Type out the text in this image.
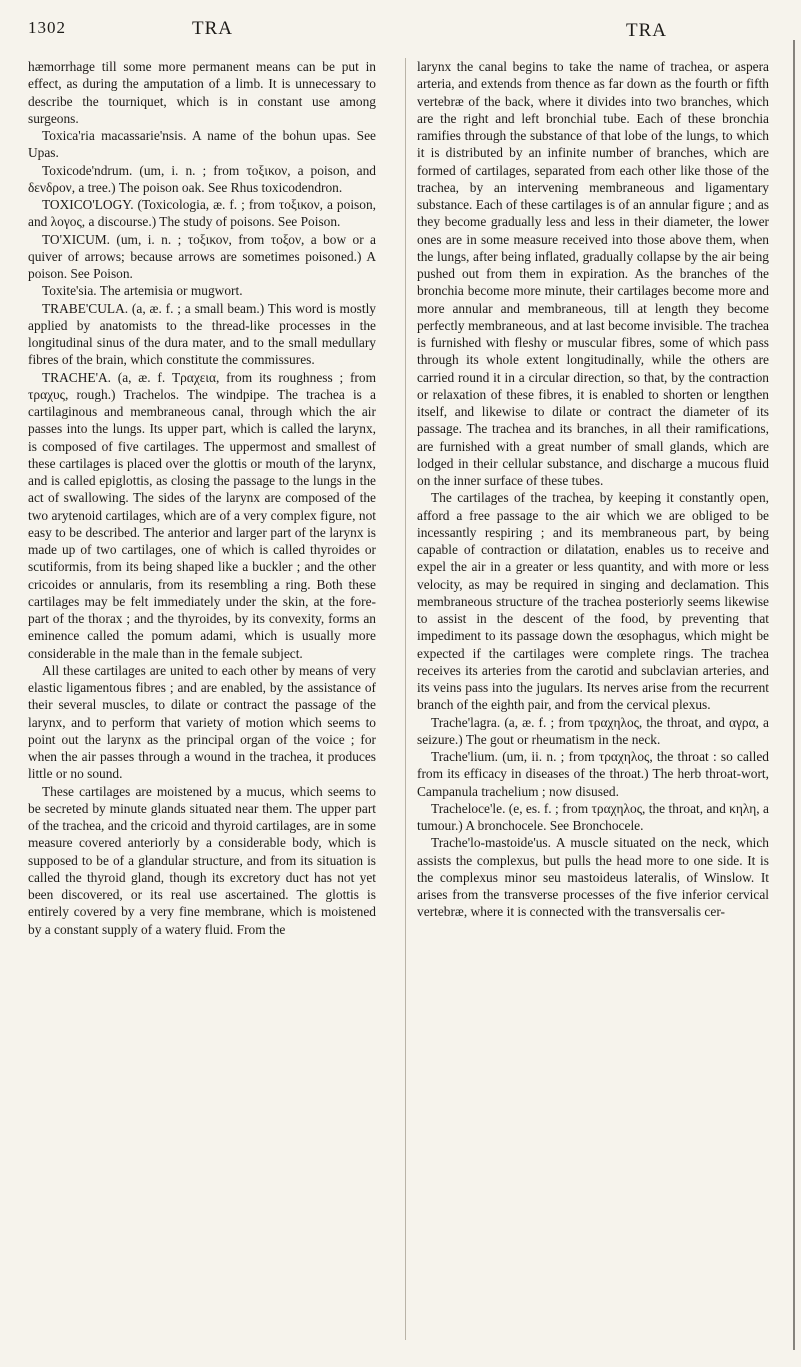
1302	TRA	TRA

hæmorrhage till some more permanent means can be put in effect, as during the amputation of a limb. It is unnecessary to describe the tourniquet, which is in constant use among surgeons.

Toxica'ria macassarie'nsis. A name of the bohun upas. See Upas.

Toxicode'ndrum. (um, i. n. ; from τοξικον, a poison, and δενδρον, a tree.) The poison oak. See Rhus toxicodendron.

TOXICO'LOGY. (Toxicologia, æ. f. ; from τοξικον, a poison, and λογος, a discourse.) The study of poisons. See Poison.

TO'XICUM. (um, i. n. ; τοξικον, from τοξον, a bow or a quiver of arrows; because arrows are sometimes poisoned.) A poison. See Poison.

Toxite'sia. The artemisia or mugwort.

TRABE'CULA. (a, æ. f. ; a small beam.) This word is mostly applied by anatomists to the thread-like processes in the longitudinal sinus of the dura mater, and to the small medullary fibres of the brain, which constitute the commissures.

TRACHE'A. (a, æ. f. Τραχεια, from its roughness ; from τραχυς, rough.) Trachelos. The windpipe. The trachea is a cartilaginous and membraneous canal, through which the air passes into the lungs. Its upper part, which is called the larynx, is composed of five cartilages. The uppermost and smallest of these cartilages is placed over the glottis or mouth of the larynx, and is called epiglottis, as closing the passage to the lungs in the act of swallowing. The sides of the larynx are composed of the two arytenoid cartilages, which are of a very complex figure, not easy to be described. The anterior and larger part of the larynx is made up of two cartilages, one of which is called thyroides or scutiformis, from its being shaped like a buckler ; and the other cricoides or annularis, from its resembling a ring. Both these cartilages may be felt immediately under the skin, at the fore-part of the thorax ; and the thyroides, by its convexity, forms an eminence called the pomum adami, which is usually more considerable in the male than in the female subject.

All these cartilages are united to each other by means of very elastic ligamentous fibres ; and are enabled, by the assistance of their several muscles, to dilate or contract the passage of the larynx, and to perform that variety of motion which seems to point out the larynx as the principal organ of the voice ; for when the air passes through a wound in the trachea, it produces little or no sound.

These cartilages are moistened by a mucus, which seems to be secreted by minute glands situated near them. The upper part of the trachea, and the cricoid and thyroid cartilages, are in some measure covered anteriorly by a considerable body, which is supposed to be of a glandular structure, and from its situation is called the thyroid gland, though its excretory duct has not yet been discovered, or its real use ascertained. The glottis is entirely covered by a very fine membrane, which is moistened by a constant supply of a watery fluid. From the

larynx the canal begins to take the name of trachea, or aspera arteria, and extends from thence as far down as the fourth or fifth vertebræ of the back, where it divides into two branches, which are the right and left bronchial tube. Each of these bronchia ramifies through the substance of that lobe of the lungs, to which it is distributed by an infinite number of branches, which are formed of cartilages, separated from each other like those of the trachea, by an intervening membraneous and ligamentary substance. Each of these cartilages is of an annular figure ; and as they become gradually less and less in their diameter, the lower ones are in some measure received into those above them, when the lungs, after being inflated, gradually collapse by the air being pushed out from them in expiration. As the branches of the bronchia become more minute, their cartilages become more and more annular and membraneous, till at length they become perfectly membraneous, and at last become invisible. The trachea is furnished with fleshy or muscular fibres, some of which pass through its whole extent longitudinally, while the others are carried round it in a circular direction, so that, by the contraction or relaxation of these fibres, it is enabled to shorten or lengthen itself, and likewise to dilate or contract the diameter of its passage. The trachea and its branches, in all their ramifications, are furnished with a great number of small glands, which are lodged in their cellular substance, and discharge a mucous fluid on the inner surface of these tubes.

The cartilages of the trachea, by keeping it constantly open, afford a free passage to the air which we are obliged to be incessantly respiring ; and its membraneous part, by being capable of contraction or dilatation, enables us to receive and expel the air in a greater or less quantity, and with more or less velocity, as may be required in singing and declamation. This membraneous structure of the trachea posteriorly seems likewise to assist in the descent of the food, by preventing that impediment to its passage down the œsophagus, which might be expected if the cartilages were complete rings. The trachea receives its arteries from the carotid and subclavian arteries, and its veins pass into the jugulars. Its nerves arise from the recurrent branch of the eighth pair, and from the cervical plexus.

Trache'lagra. (a, æ. f. ; from τραχηλος, the throat, and αγρα, a seizure.) The gout or rheumatism in the neck.

Trache'lium. (um, ii. n. ; from τραχηλος, the throat : so called from its efficacy in diseases of the throat.) The herb throat-wort, Campanula trachelium ; now disused.

Tracheloce'le. (e, es. f. ; from τραχηλος, the throat, and κηλη, a tumour.) A bronchocele. See Bronchocele.

Trache'lo-mastoide'us. A muscle situated on the neck, which assists the complexus, but pulls the head more to one side. It is the complexus minor seu mastoideus lateralis, of Winslow. It arises from the transverse processes of the five inferior cervical vertebræ, where it is connected with the transversalis cer-
